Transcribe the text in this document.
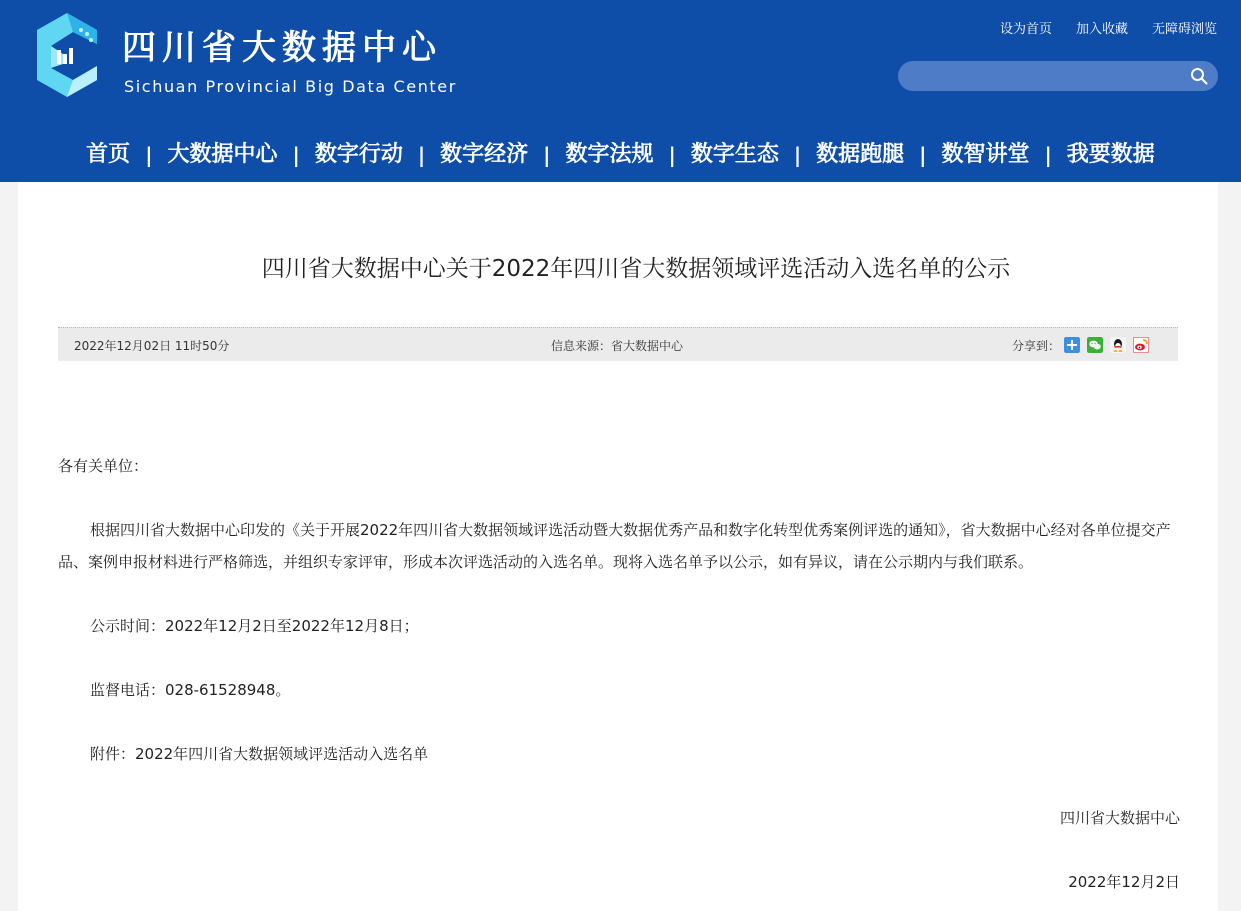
四川省大数据中心
Sichuan Provincial Big Data Center
设为首页 加入收藏 无障碍浏览
首页 | 大数据中心 | 数字行动 | 数字经济 | 数字法规 | 数字生态 | 数据跑腿 | 数智讲堂 | 我要数据
四川省大数据中心关于2022年四川省大数据领域评选活动入选名单的公示
2022年12月02日 11时50分	信息来源：省大数据中心	分享到：

各有关单位：

根据四川省大数据中心印发的《关于开展2022年四川省大数据领域评选活动暨大数据优秀产品和数字化转型优秀案例评选的通知》，省大数据中心经对各单位提交产品、案例申报材料进行严格筛选，并组织专家评审，形成本次评选活动的入选名单。现将入选名单予以公示，如有异议，请在公示期内与我们联系。

公示时间：2022年12月2日至2022年12月8日；

监督电话：028-61528948。

附件：2022年四川省大数据领域评选活动入选名单

四川省大数据中心

2022年12月2日
